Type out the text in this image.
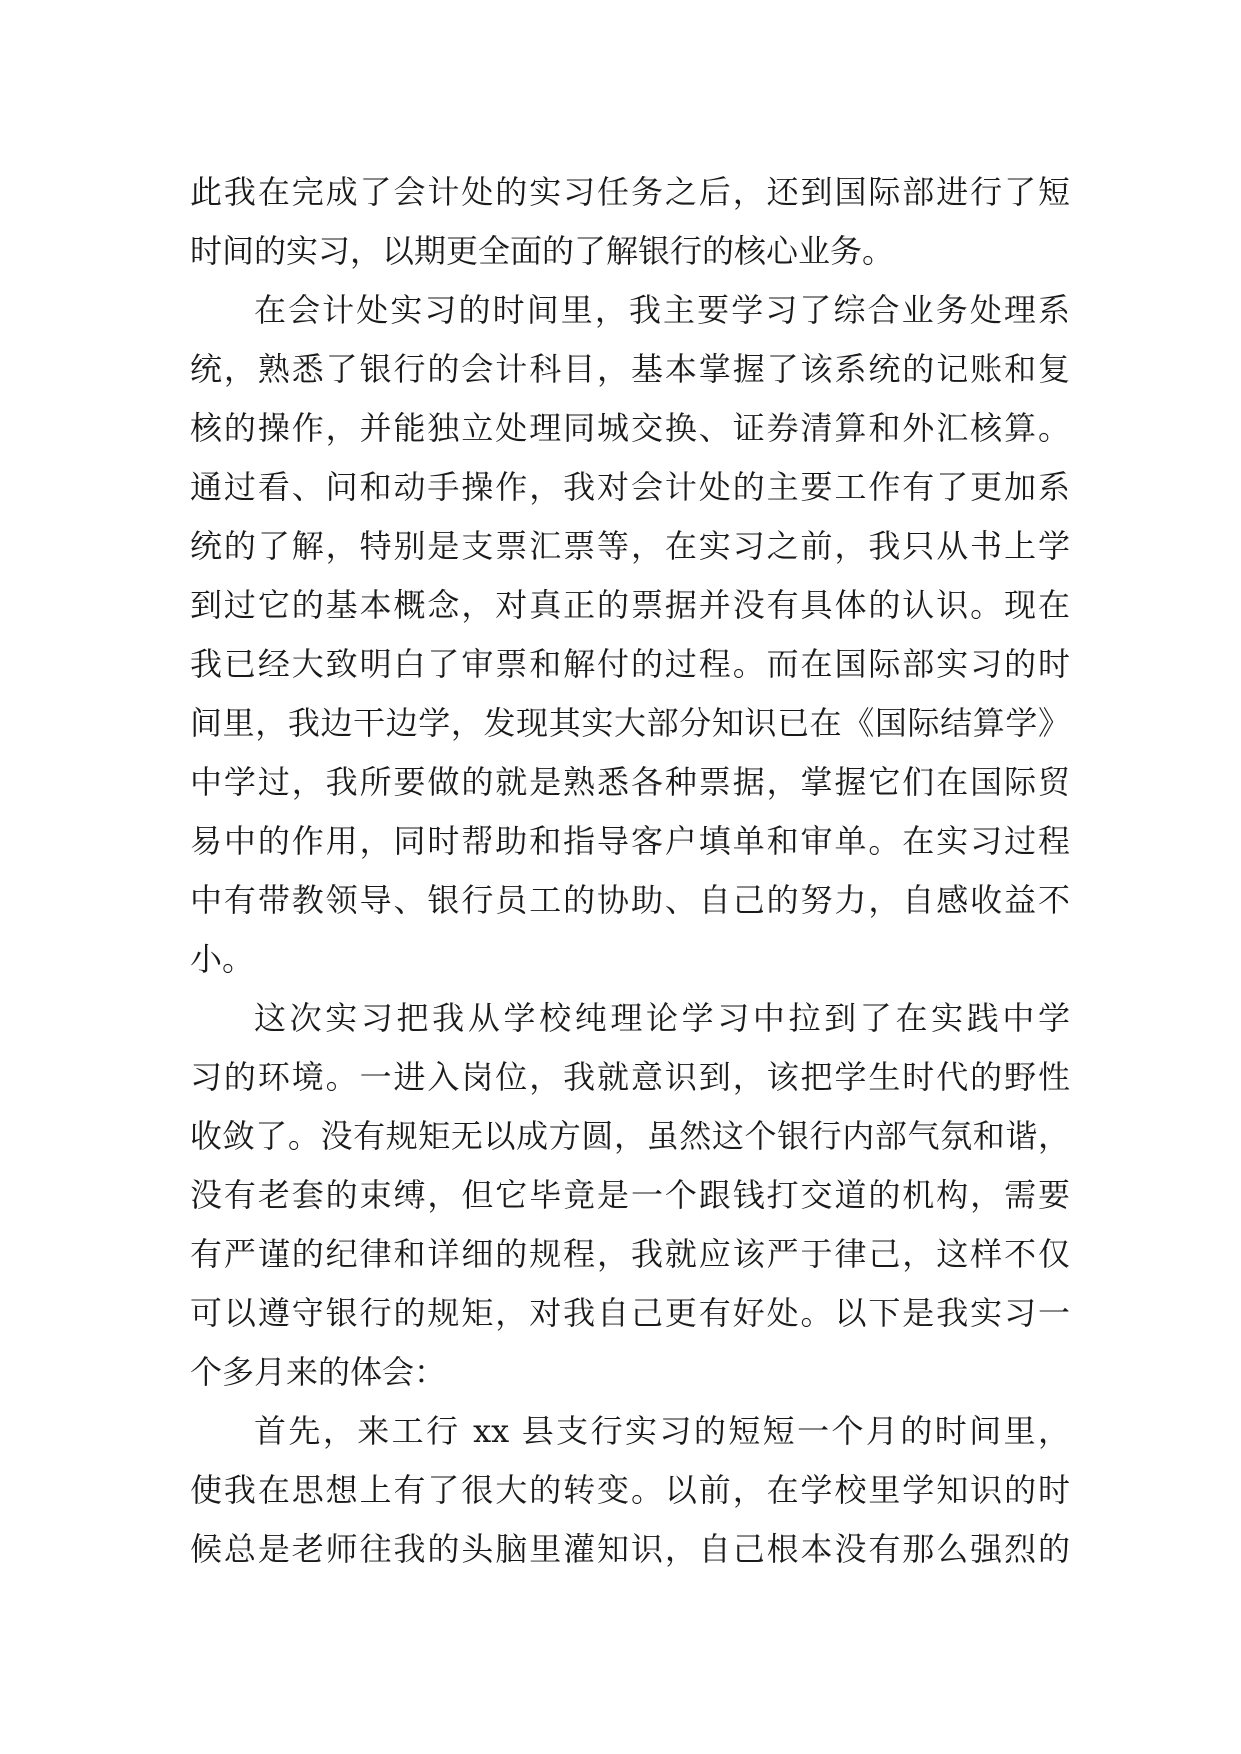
此我在完成了会计处的实习任务之后，还到国际部进行了短
时间的实习，以期更全面的了解银行的核心业务。
在会计处实习的时间里，我主要学习了综合业务处理系
统，熟悉了银行的会计科目，基本掌握了该系统的记账和复
核的操作，并能独立处理同城交换、证券清算和外汇核算。
通过看、问和动手操作，我对会计处的主要工作有了更加系
统的了解，特别是支票汇票等，在实习之前，我只从书上学
到过它的基本概念，对真正的票据并没有具体的认识。现在
我已经大致明白了审票和解付的过程。而在国际部实习的时
间里，我边干边学，发现其实大部分知识已在《国际结算学》
中学过，我所要做的就是熟悉各种票据，掌握它们在国际贸
易中的作用，同时帮助和指导客户填单和审单。在实习过程
中有带教领导、银行员工的协助、自己的努力，自感收益不
小。
这次实习把我从学校纯理论学习中拉到了在实践中学
习的环境。一进入岗位，我就意识到，该把学生时代的野性
收敛了。没有规矩无以成方圆，虽然这个银行内部气氛和谐，
没有老套的束缚，但它毕竟是一个跟钱打交道的机构，需要
有严谨的纪律和详细的规程，我就应该严于律己，这样不仅
可以遵守银行的规矩，对我自己更有好处。以下是我实习一
个多月来的体会：
首先，来工行 xx 县支行实习的短短一个月的时间里，
使我在思想上有了很大的转变。以前，在学校里学知识的时
候总是老师往我的头脑里灌知识，自己根本没有那么强烈的
